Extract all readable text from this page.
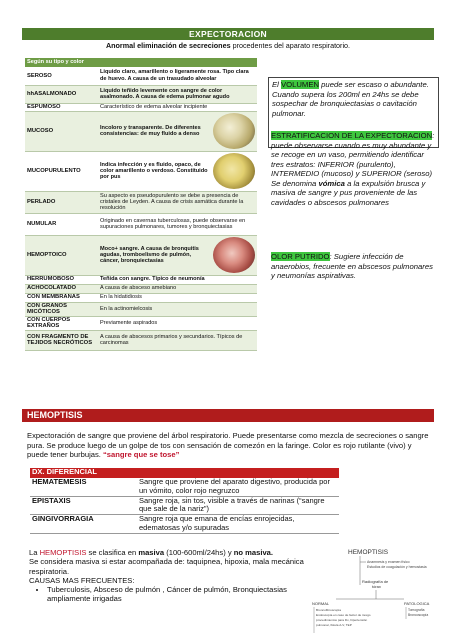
EXPECTORACION
Anormal eliminación de secreciones procedentes del aparato respiratorio.
Según su tipo y color		
SEROSO	Liquido claro, amarillento o ligeramente rosa. Tipo clara de huevo. A causa de un trasudado alveolar	
hhASALMONADO	Liquido teñido levemente con sangre de color asalmonado. A causa de edema pulmonar agudo	
ESPUMOSO	Característico de edema alveolar incipiente	
MUCOSO	Incoloro y transparente. De diferentes consistencias: de muy fluido a denso	

MUCOPURULENTO	Indica infección y es fluido, opaco, de color amarillento o verdoso. Constituido por pus	

PERLADO	Su aspecto es pseudopurulento se debe a presencia de cristales de Leyden. A causa de crisis asmática durante la resolución	
NUMULAR	Originado en cavernas tuberculosas, puede observarse en supuraciones pulmonares, tumores y bronquiectasias	
HEMOPTOICO	Moco+ sangre. A causa de bronquitis agudas, tromboelismo de pulmón, cáncer, bronquiectasias	

HERRUMOBOSO	Teñida con sangre. Típico de neumonía	
ACHOCOLATADO	A causa de absceso amebiano	
CON MEMBRANAS	En la hidatidiosis	
CON GRANOS MICÓTICOS	En la actinomielcosis	
CON CUERPOS EXTRAÑOS	Previamente aspirados	
CON FRAGMENTO DE TEJIDOS NECRÓTICOS	A causa de abscesos primarios y secundarios. Típicos de carcinomas	
El VOLUMEN puede ser escaso o abundante. Cuando supera los 200ml en 24hs se debe sospechar de bronquiectasias o cavitación pulmonar.
ESTRATIFICACION DE LA EXPECTORACION: puede observarse cuando es muy abundante y se recoge en un vaso, permitiendo identificar tres estratos: INFERIOR (purulento), INTERMEDIO (mucoso) y SUPERIOR (seroso)
Se denomina vómica a la expulsión brusca y masiva de sangre y pus proveniente de las cavidades o abscesos pulmonares
OLOR PUTRIDO: Sugiere infección de anaerobios, frecuente en abscesos pulmonares y neumonías aspirativas.
HEMOPTISIS
Expectoración de sangre que proviene del árbol respiratorio. Puede presentarse como mezcla de secreciones o sangre pura. Se produce luego de un golpe de tos con sensación de comezón en la faringe. Color es rojo rutilante (vivo) y puede tener burbujas. “sangre que se tose”
DX. DIFERENCIAL	
HEMATEMESIS	Sangre que proviene del aparato digestivo, producida por un vómito, color rojo negruzco
EPISTAXIS	Sangre roja, sin tos, visible a través de narinas (“sangre que sale de la nariz”)
GINGIVORRAGIA	Sangre roja que emana de encías enrojecidas, edematosas y/o supuradas
La HEMOPTISIS se clasifica en masiva (100-600ml/24hs) y no masiva.
Se considera masiva si estar acompañada de: taquipnea, hipoxia, mala mecánica respiratoria.
CAUSAS MAS FRECUENTES:
• Tuberculosis, Absceso de pulmón , Cáncer de pulmón, Bronquiectasias ampliamente irrigadas
HEMOPTISIS
Anamnesis y examen físico
Estudios de coagulación y hemostasia
Radiografía de
tórax
NORMAL	PATOLOGICA
Broncofibroscopía
Endoscopía en caso de factor de riesgo
procedimientos para Dx, hipertensión
pulmonar, fistula A-V, TEP
Tomografía
Broncoscopía
